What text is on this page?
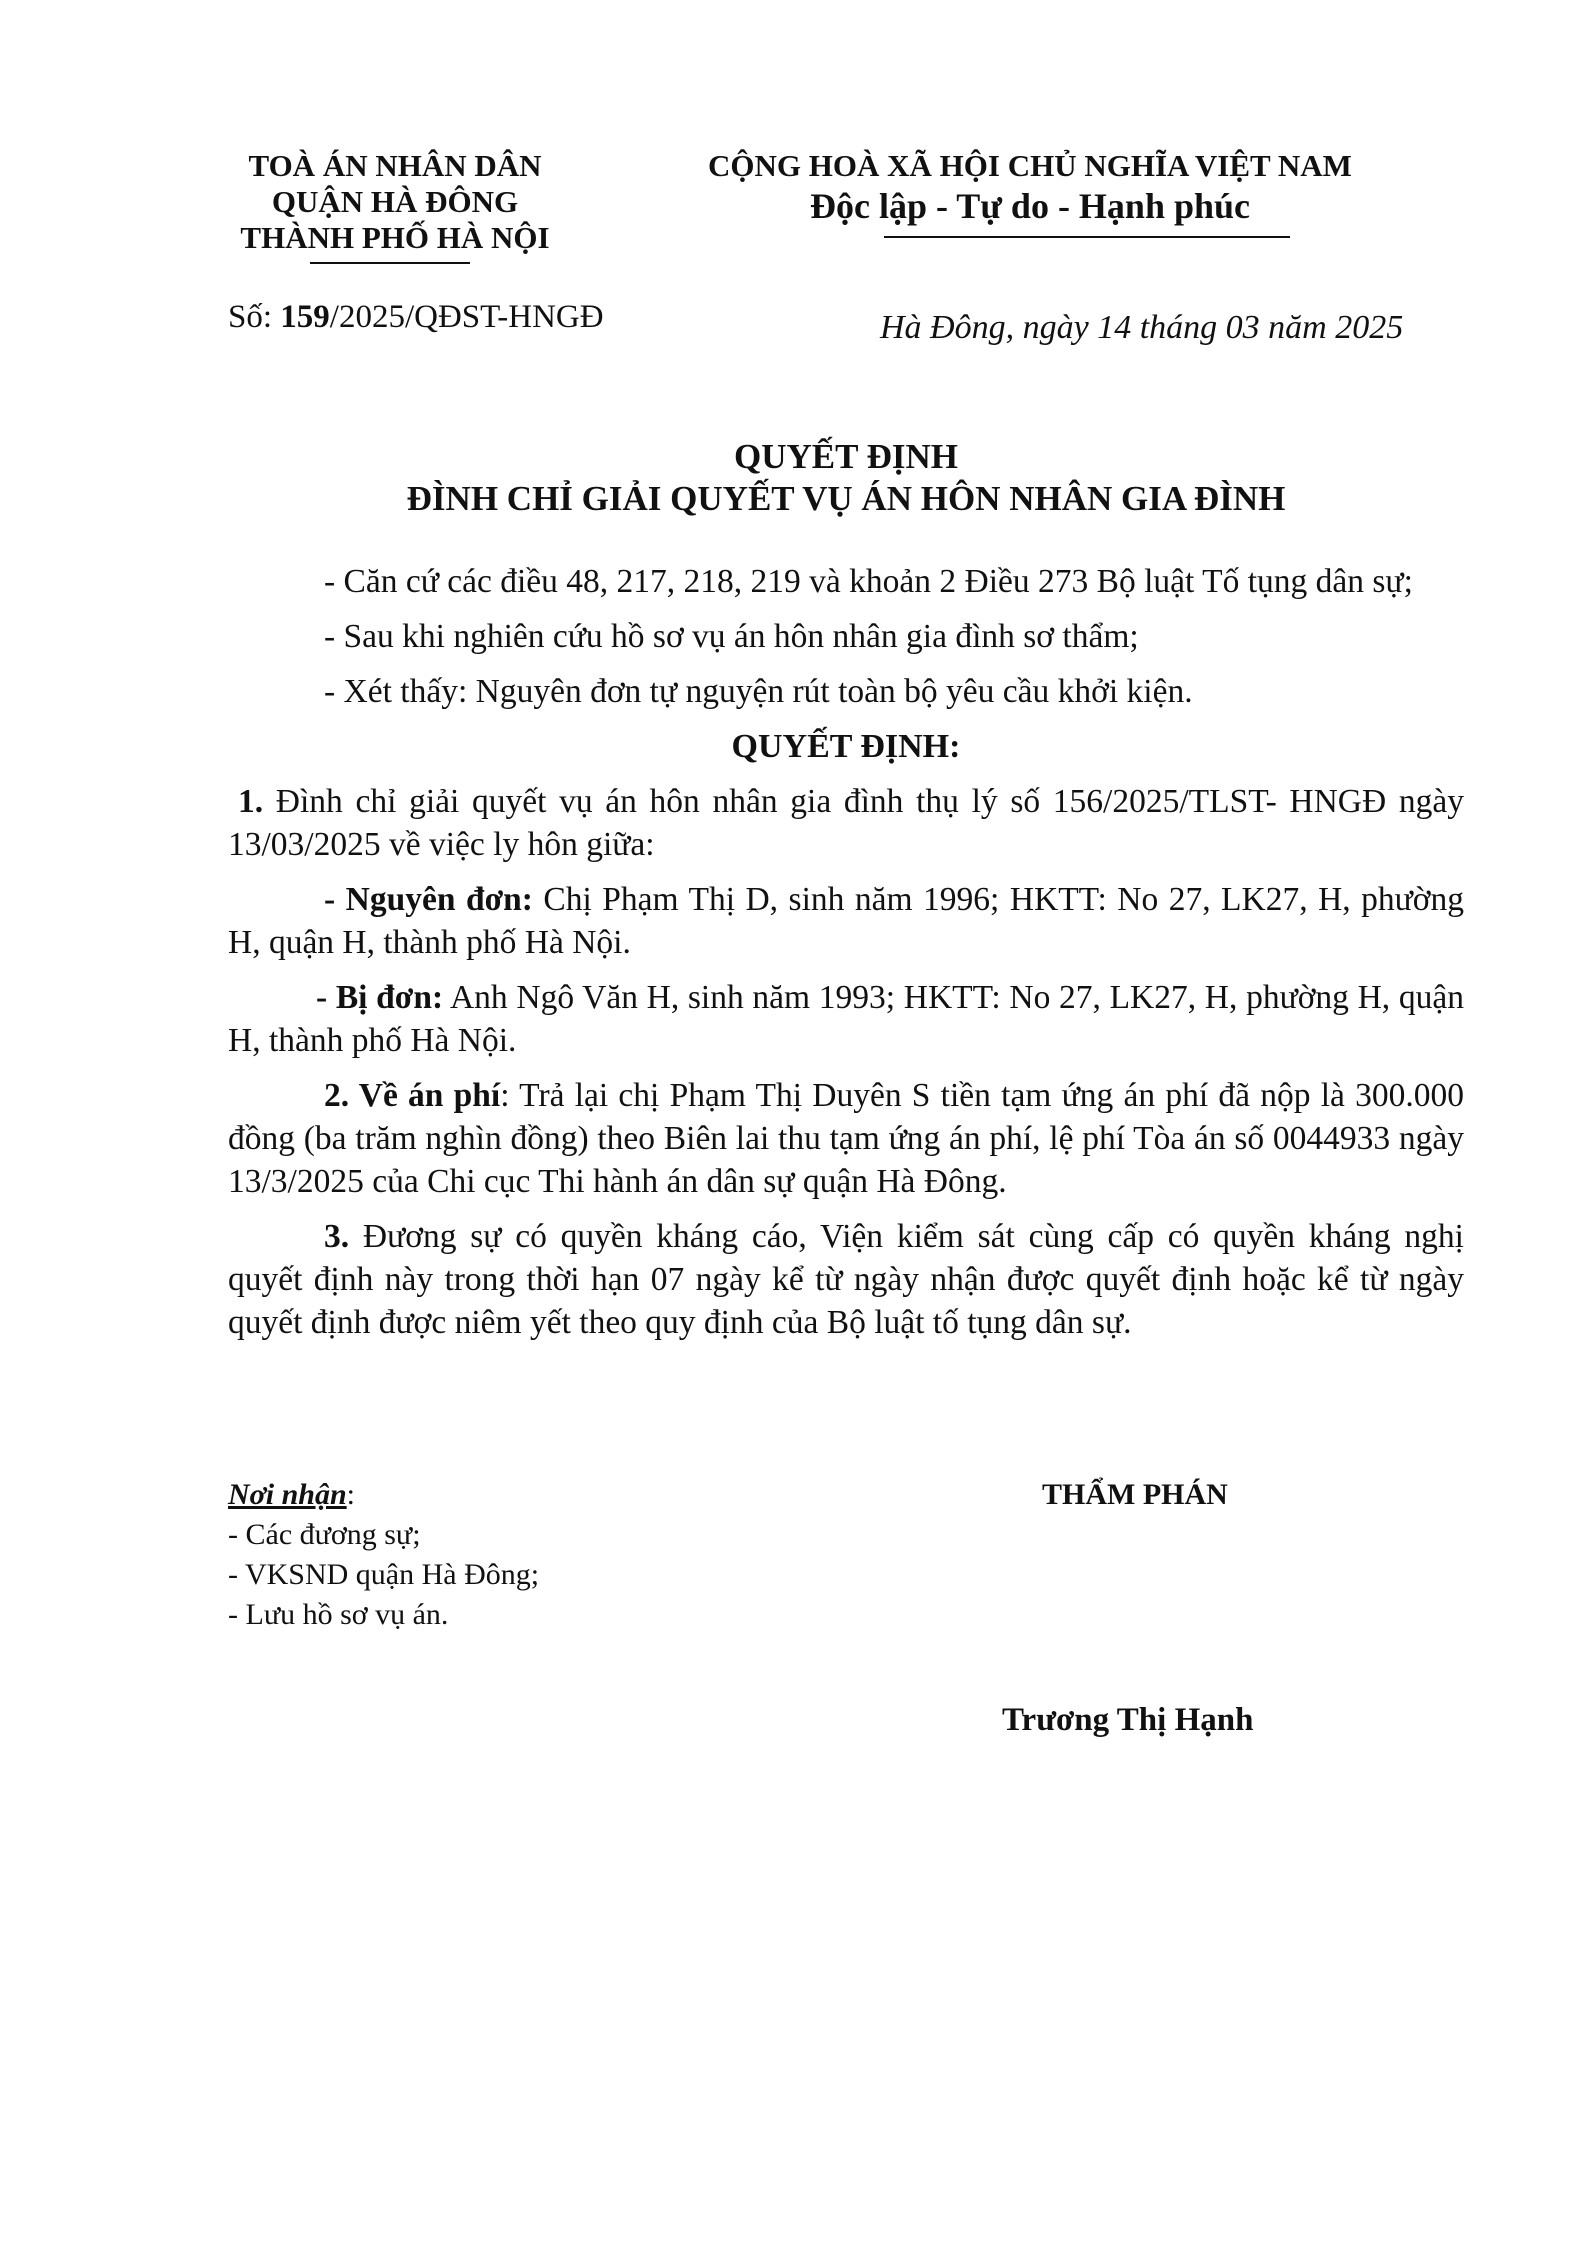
TOÀ ÁN NHÂN DÂN
QUẬN HÀ ĐÔNG
THÀNH PHỐ HÀ NỘI
CỘNG HOÀ XÃ HỘI CHỦ NGHĨA VIỆT NAM
Độc lập - Tự do - Hạnh phúc
Số: 159/2025/QĐST-HNGĐ	Hà Đông, ngày 14 tháng 03 năm 2025
QUYẾT ĐỊNH
ĐÌNH CHỈ GIẢI QUYẾT VỤ ÁN HÔN NHÂN GIA ĐÌNH

- Căn cứ các điều 48, 217, 218, 219 và khoản 2 Điều 273 Bộ luật Tố tụng dân sự;

- Sau khi nghiên cứu hồ sơ vụ án hôn nhân gia đình sơ thẩm;

- Xét thấy: Nguyên đơn tự nguyện rút toàn bộ yêu cầu khởi kiện.

QUYẾT ĐỊNH:

1. Đình chỉ giải quyết vụ án hôn nhân gia đình thụ lý số 156/2025/TLST- HNGĐ ngày 13/03/2025 về việc ly hôn giữa:

- Nguyên đơn: Chị Phạm Thị D, sinh năm 1996; HKTT: No 27, LK27, H, phường H, quận H, thành phố Hà Nội.

- Bị đơn: Anh Ngô Văn H, sinh năm 1993; HKTT: No 27, LK27, H, phường H, quận H, thành phố Hà Nội.

2. Về án phí: Trả lại chị Phạm Thị Duyên S tiền tạm ứng án phí đã nộp là 300.000 đồng (ba trăm nghìn đồng) theo Biên lai thu tạm ứng án phí, lệ phí Tòa án số 0044933 ngày 13/3/2025 của Chi cục Thi hành án dân sự quận Hà Đông.

3. Đương sự có quyền kháng cáo, Viện kiểm sát cùng cấp có quyền kháng nghị quyết định này trong thời hạn 07 ngày kể từ ngày nhận được quyết định hoặc kể từ ngày quyết định được niêm yết theo quy định của Bộ luật tố tụng dân sự.

Nơi nhận:
- Các đương sự;
- VKSND quận Hà Đông;
- Lưu hồ sơ vụ án.
THẨM PHÁN
Trương Thị Hạnh
